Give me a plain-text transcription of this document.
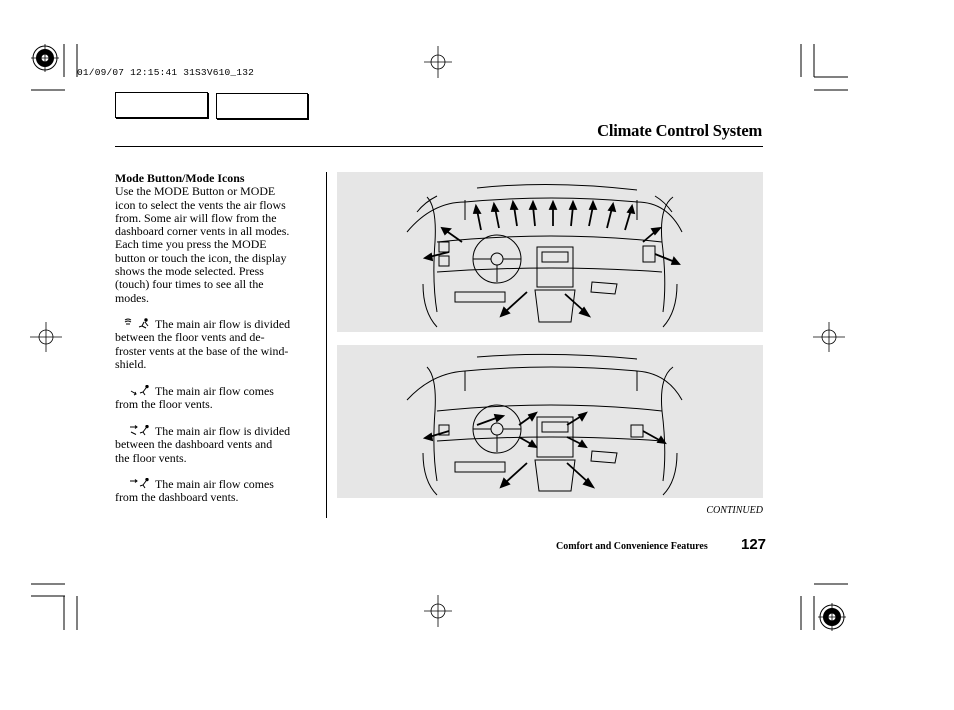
01/09/07 12:15:41 31S3V610_132
Climate Control System
Mode Button/Mode Icons
Use the MODE Button or MODE
icon to select the vents the air flows
from. Some air will flow from the
dashboard corner vents in all modes.
Each time you press the MODE
button or touch the icon, the display
shows the mode selected. Press
(touch) four times to see all the
modes.
The main air flow is divided
between the floor vents and de-
froster vents at the base of the wind-
shield.
The main air flow comes
from the floor vents.
The main air flow is divided
between the dashboard vents and
the floor vents.
The main air flow comes
from the dashboard vents.
CONTINUED
Comfort and Convenience Features 127
